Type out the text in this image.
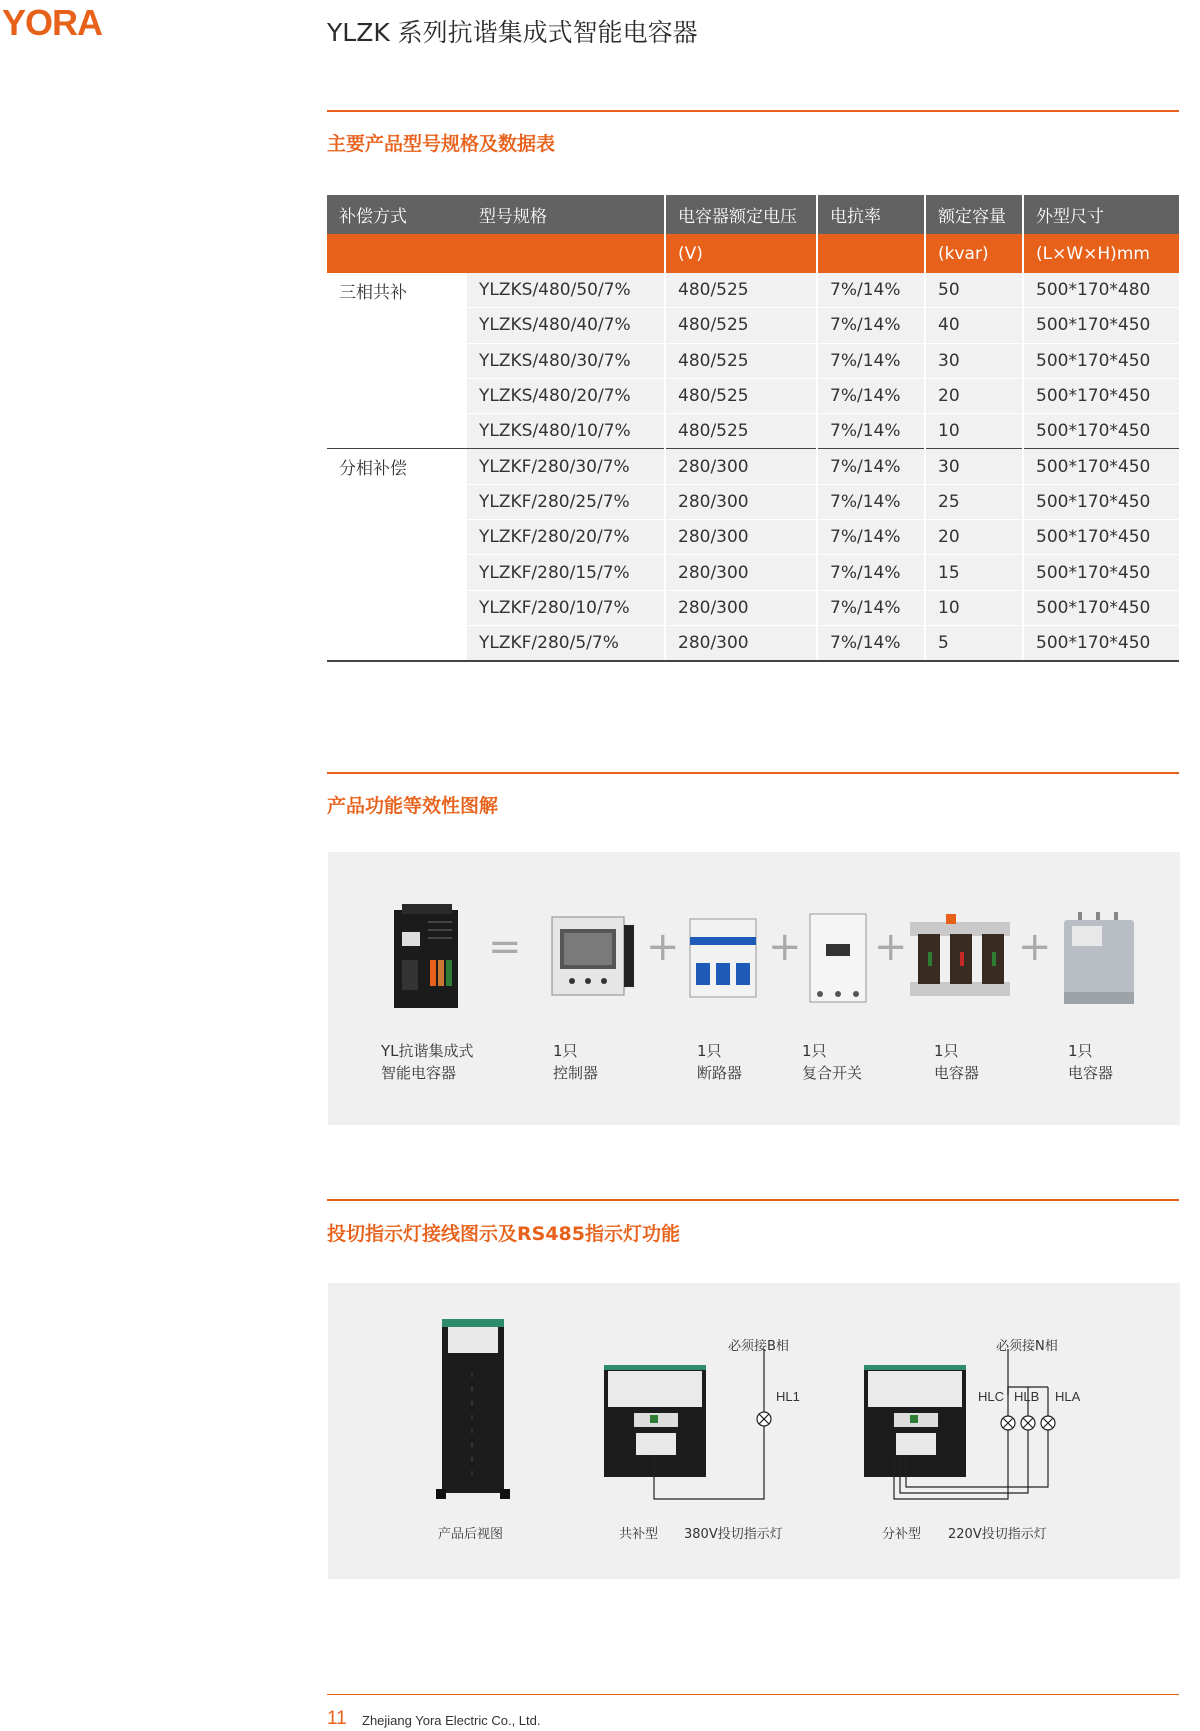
YORA	YLZK 系列抗谐集成式智能电容器
主要产品型号规格及数据表
补偿方式	型号规格	电容器额定电压	电抗率	额定容量	外型尺寸
		(V)		(kvar)	(L×W×H)mm
三相共补	YLZKS/480/50/7%	480/525	7%/14%	50	500*170*480
	YLZKS/480/40/7%	480/525	7%/14%	40	500*170*450
	YLZKS/480/30/7%	480/525	7%/14%	30	500*170*450
	YLZKS/480/20/7%	480/525	7%/14%	20	500*170*450
	YLZKS/480/10/7%	480/525	7%/14%	10	500*170*450
分相补偿	YLZKF/280/30/7%	280/300	7%/14%	30	500*170*450
	YLZKF/280/25/7%	280/300	7%/14%	25	500*170*450
	YLZKF/280/20/7%	280/300	7%/14%	20	500*170*450
	YLZKF/280/15/7%	280/300	7%/14%	15	500*170*450
	YLZKF/280/10/7%	280/300	7%/14%	10	500*170*450
	YLZKF/280/5/7%	280/300	7%/14%	5	500*170*450
产品功能等效性图解
=	+ + +	+
YL抗谐集成式
智能电容器
1只
控制器
1只
断路器
1只
复合开关
1只
电容器
1只
电容器
投切指示灯接线图示及RS485指示灯功能
必须接B相
HL1
必须接N相
HLC HLB HLA
产品后视图	共补型 380V投切指示灯	分补型 220V投切指示灯
11 Zhejiang Yora Electric Co., Ltd.
